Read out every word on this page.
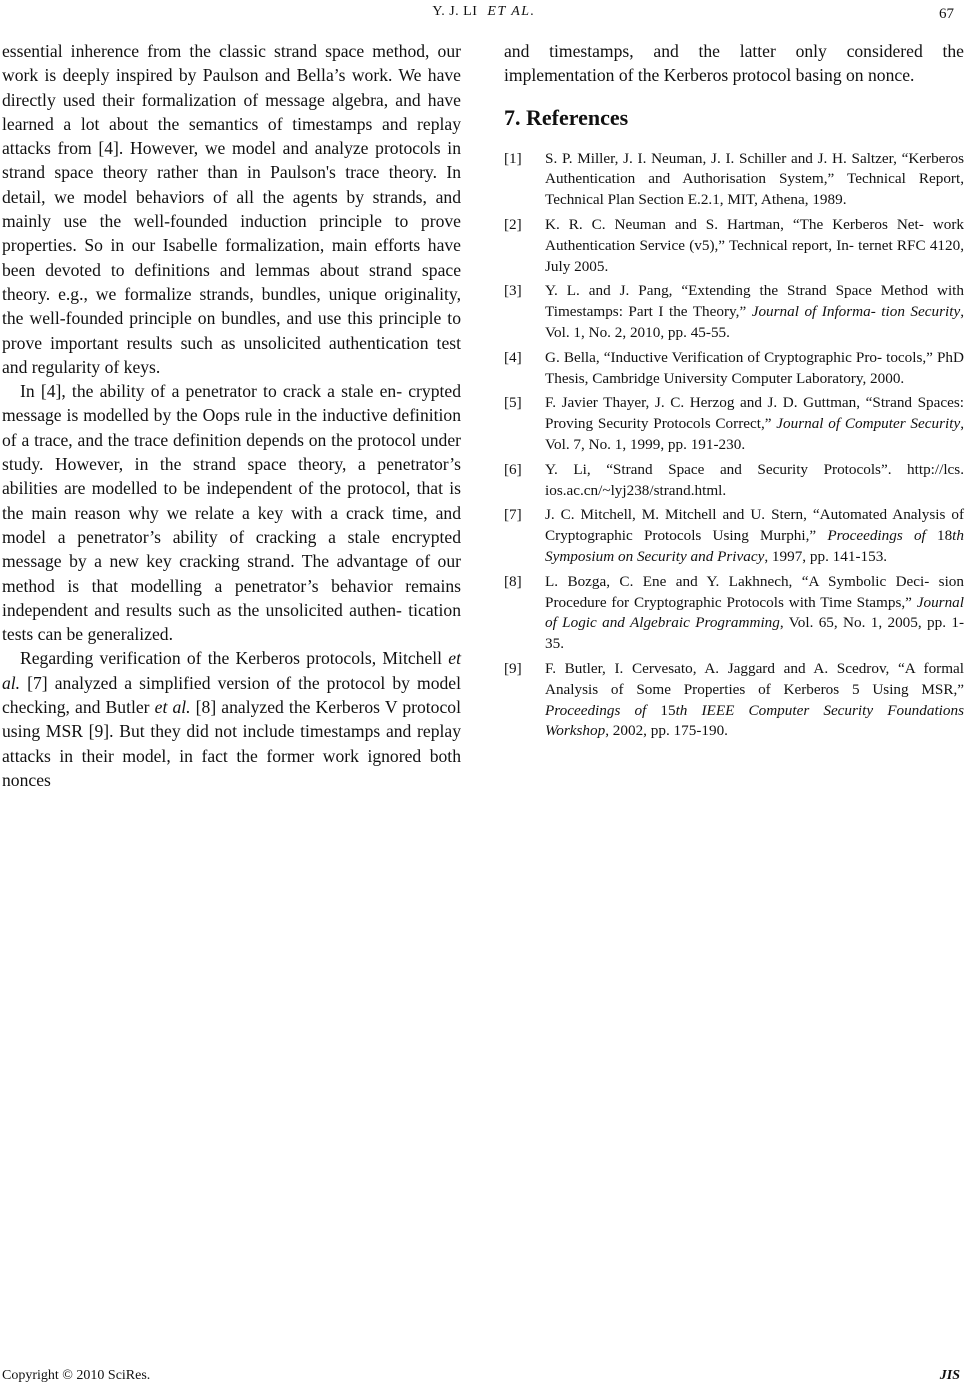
Y. J. LI ET AL.	67

essential inherence from the classic strand space method, our work is deeply inspired by Paulson and Bella’s work. We have directly used their formalization of message algebra, and have learned a lot about the semantics of timestamps and replay attacks from [4]. However, we model and analyze protocols in strand space theory rather than in Paulson's trace theory. In detail, we model behaviors of all the agents by strands, and mainly use the well-founded induction principle to prove properties. So in our Isabelle formalization, main efforts have been devoted to definitions and lemmas about strand space theory. e.g., we formalize strands, bundles, unique originality, the well-founded principle on bundles, and use this principle to prove important results such as unsolicited authentication test and regularity of keys.

In [4], the ability of a penetrator to crack a stale en- crypted message is modelled by the Oops rule in the inductive definition of a trace, and the trace definition depends on the protocol under study. However, in the strand space theory, a penetrator’s abilities are modelled to be independent of the protocol, that is the main reason why we relate a key with a crack time, and model a penetrator’s ability of cracking a stale encrypted message by a new key cracking strand. The advantage of our method is that modelling a penetrator’s behavior remains independent and results such as the unsolicited authen- tication tests can be generalized.

Regarding verification of the Kerberos protocols, Mitchell et al. [7] analyzed a simplified version of the protocol by model checking, and Butler et al. [8] analyzed the Kerberos V protocol using MSR [9]. But they did not include timestamps and replay attacks in their model, in fact the former work ignored both nonces

and timestamps, and the latter only considered the implementation of the Kerberos protocol basing on nonce.

7. References
[1]	S. P. Miller, J. I. Neuman, J. I. Schiller and J. H. Saltzer, “Kerberos Authentication and Authorisation System,” Technical Report, Technical Plan Section E.2.1, MIT, Athena, 1989.
[2]	K. R. C. Neuman and S. Hartman, “The Kerberos Net- work Authentication Service (v5),” Technical report, In- ternet RFC 4120, July 2005.
[3]	Y. L. and J. Pang, “Extending the Strand Space Method with Timestamps: Part I the Theory,” Journal of Informa- tion Security, Vol. 1, No. 2, 2010, pp. 45-55.
[4]	G. Bella, “Inductive Verification of Cryptographic Pro- tocols,” PhD Thesis, Cambridge University Computer Laboratory, 2000.
[5]	F. Javier Thayer, J. C. Herzog and J. D. Guttman, “Strand Spaces: Proving Security Protocols Correct,” Journal of Computer Security, Vol. 7, No. 1, 1999, pp. 191-230.
[6]	Y. Li, “Strand Space and Security Protocols”. http://lcs. ios.ac.cn/~lyj238/strand.html.
[7]	J. C. Mitchell, M. Mitchell and U. Stern, “Automated Analysis of Cryptographic Protocols Using Murphi,” Proceedings of 18th Symposium on Security and Privacy, 1997, pp. 141-153.
[8]	L. Bozga, C. Ene and Y. Lakhnech, “A Symbolic Deci- sion Procedure for Cryptographic Protocols with Time Stamps,” Journal of Logic and Algebraic Programming, Vol. 65, No. 1, 2005, pp. 1-35.
[9]	F. Butler, I. Cervesato, A. Jaggard and A. Scedrov, “A formal Analysis of Some Properties of Kerberos 5 Using MSR,” Proceedings of 15th IEEE Computer Security Foundations Workshop, 2002, pp. 175-190.
Copyright © 2010 SciRes.	JIS
